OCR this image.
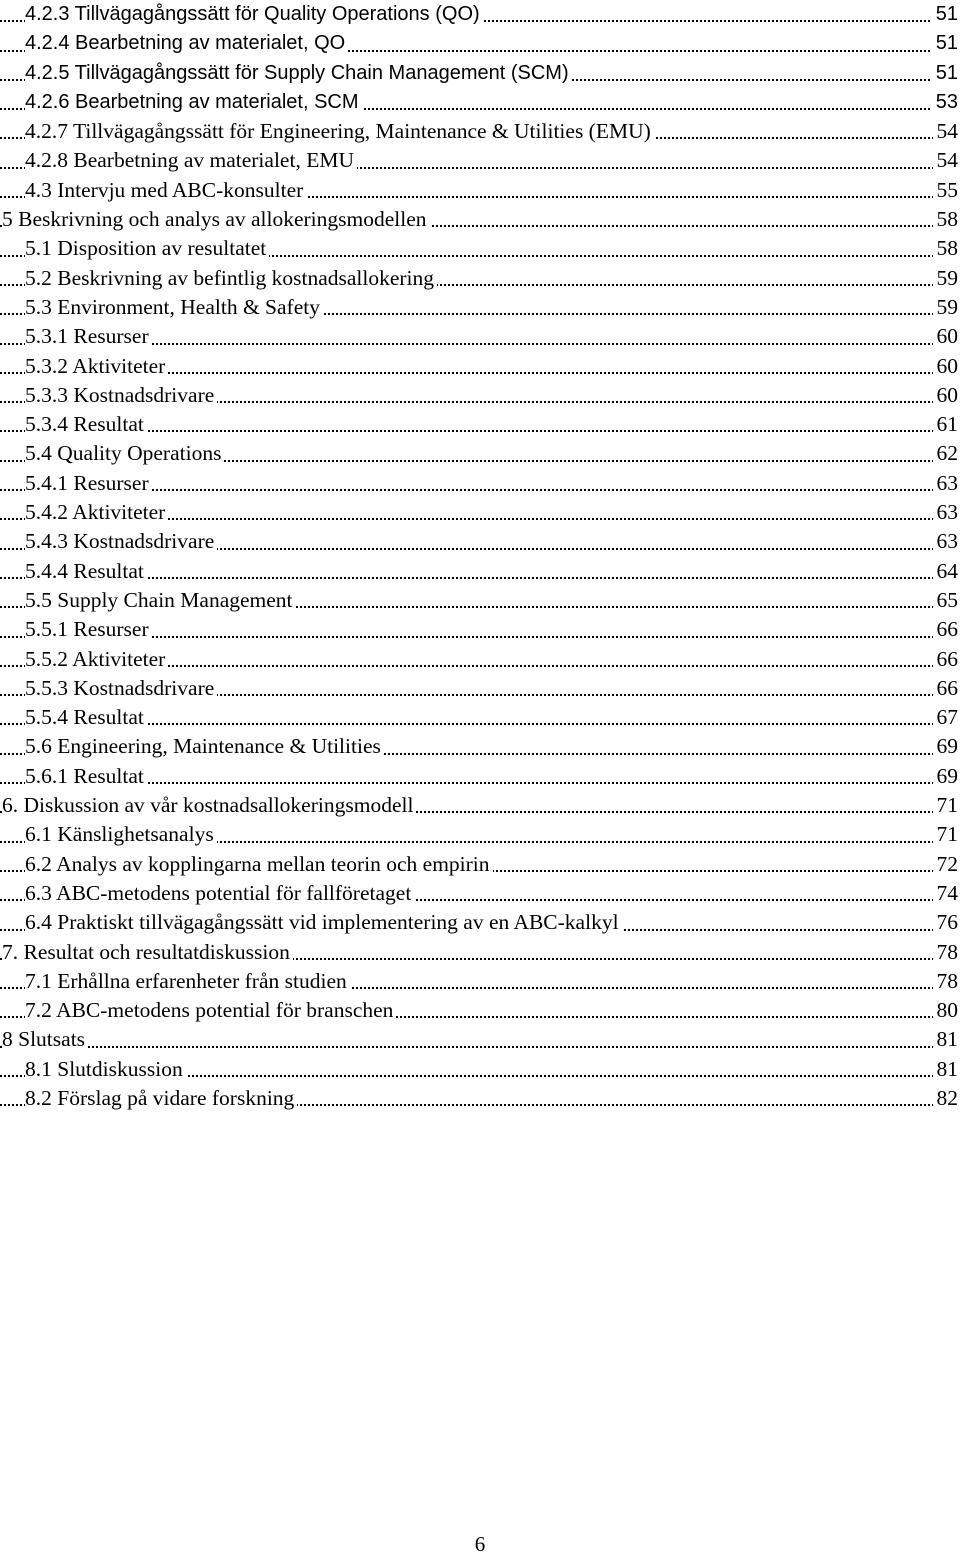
4.2.3 Tillvägagångssätt för Quality Operations (QO)	51
4.2.4 Bearbetning av materialet, QO	51
4.2.5 Tillvägagångssätt för Supply Chain Management (SCM)	51
4.2.6 Bearbetning av materialet, SCM	53
4.2.7 Tillvägagångssätt för Engineering, Maintenance & Utilities (EMU)	54
4.2.8 Bearbetning av materialet, EMU	54
4.3 Intervju med ABC-konsulter	55
5 Beskrivning och analys av allokeringsmodellen	58
5.1 Disposition av resultatet	58
5.2 Beskrivning av befintlig kostnadsallokering	59
5.3 Environment, Health & Safety	59
5.3.1 Resurser	60
5.3.2 Aktiviteter	60
5.3.3 Kostnadsdrivare	60
5.3.4 Resultat	61
5.4 Quality Operations	62
5.4.1 Resurser	63
5.4.2 Aktiviteter	63
5.4.3 Kostnadsdrivare	63
5.4.4 Resultat	64
5.5 Supply Chain Management	65
5.5.1 Resurser	66
5.5.2 Aktiviteter	66
5.5.3 Kostnadsdrivare	66
5.5.4 Resultat	67
5.6 Engineering, Maintenance & Utilities	69
5.6.1 Resultat	69
6. Diskussion av vår kostnadsallokeringsmodell	71
6.1 Känslighetsanalys	71
6.2 Analys av kopplingarna mellan teorin och empirin	72
6.3 ABC-metodens potential för fallföretaget	74
6.4 Praktiskt tillvägagångssätt vid implementering av en ABC-kalkyl	76
7. Resultat och resultatdiskussion	78
7.1 Erhållna erfarenheter från studien	78
7.2 ABC-metodens potential för branschen	80
8 Slutsats	81
8.1 Slutdiskussion	81
8.2 Förslag på vidare forskning	82
6
